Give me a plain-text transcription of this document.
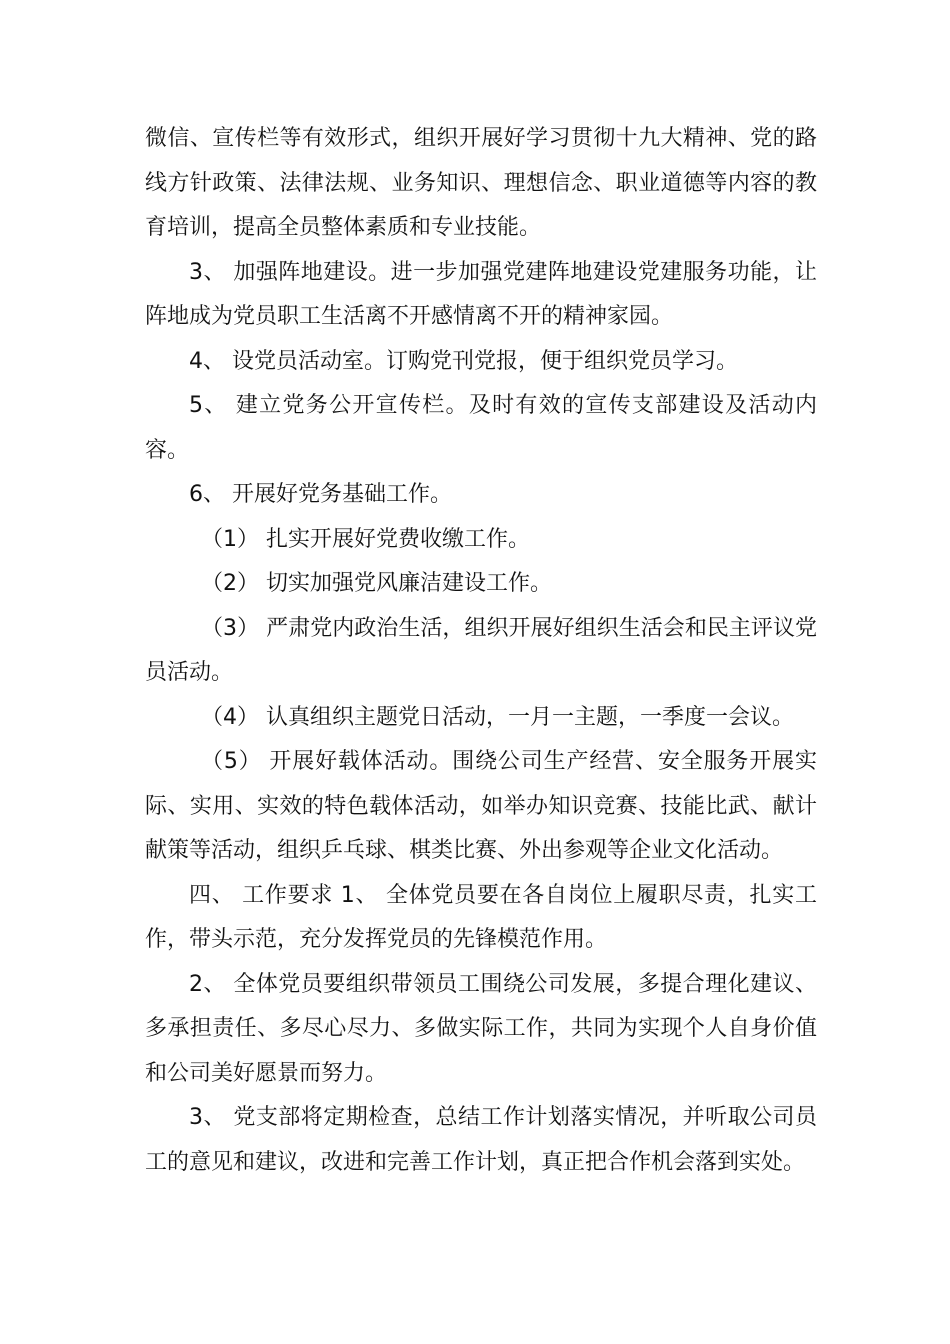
微信、宣传栏等有效形式，组织开展好学习贯彻十九大精神、党的路线方针政策、法律法规、业务知识、理想信念、职业道德等内容的教育培训，提高全员整体素质和专业技能。

3、 加强阵地建设。进一步加强党建阵地建设党建服务功能，让阵地成为党员职工生活离不开感情离不开的精神家园。

4、 设党员活动室。订购党刊党报，便于组织党员学习。

5、 建立党务公开宣传栏。及时有效的宣传支部建设及活动内容。

6、 开展好党务基础工作。

（1） 扎实开展好党费收缴工作。

（2） 切实加强党风廉洁建设工作。

（3） 严肃党内政治生活，组织开展好组织生活会和民主评议党员活动。

（4） 认真组织主题党日活动，一月一主题，一季度一会议。

（5） 开展好载体活动。围绕公司生产经营、安全服务开展实际、实用、实效的特色载体活动，如举办知识竞赛、技能比武、献计献策等活动，组织乒乓球、棋类比赛、外出参观等企业文化活动。

四、 工作要求 1、 全体党员要在各自岗位上履职尽责，扎实工作，带头示范，充分发挥党员的先锋模范作用。

2、 全体党员要组织带领员工围绕公司发展，多提合理化建议、多承担责任、多尽心尽力、多做实际工作，共同为实现个人自身价值和公司美好愿景而努力。

3、 党支部将定期检查，总结工作计划落实情况，并听取公司员工的意见和建议，改进和完善工作计划，真正把合作机会落到实处。
